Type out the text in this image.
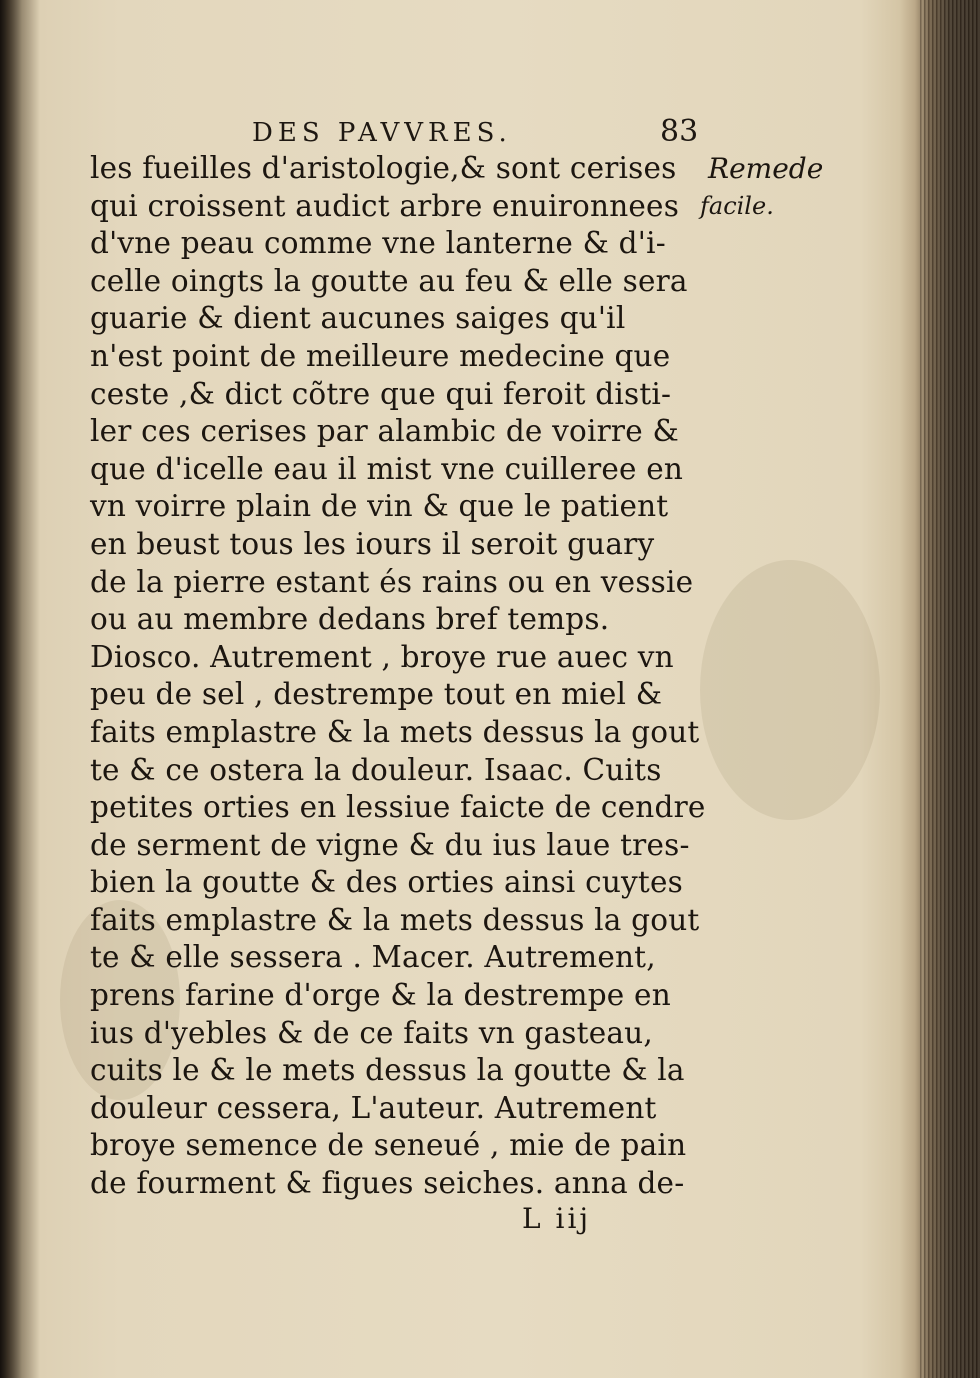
DES PAVVRES.	83
les fueilles d'aristologie,& sont cerises
qui croissent audict arbre enuironnees
d'vne peau comme vne lanterne & d'i-
celle oingts la goutte au feu & elle sera
guarie & dient aucunes saiges qu'il
n'est point de meilleure medecine que
ceste ,& dict cõtre que qui feroit disti-
ler ces cerises par alambic de voirre &
que d'icelle eau il mist vne cuilleree en
vn voirre plain de vin & que le patient
en beust tous les iours il seroit guary
de la pierre estant és rains ou en vessie
ou au membre dedans bref temps.
Diosco. Autrement , broye rue auec vn
peu de sel , destrempe tout en miel &
faits emplastre & la mets dessus la gout
te & ce ostera la douleur. Isaac. Cuits
petites orties en lessiue faicte de cendre
de serment de vigne & du ius laue tres-
bien la goutte & des orties ainsi cuytes
faits emplastre & la mets dessus la gout
te & elle sessera . Macer. Autrement,
prens farine d'orge & la destrempe en
ius d'yebles & de ce faits vn gasteau,
cuits le & le mets dessus la goutte & la
douleur cessera, L'auteur. Autrement
broye semence de seneué , mie de pain
de fourment & figues seiches. anna de-
Remede
facile.
L iij
